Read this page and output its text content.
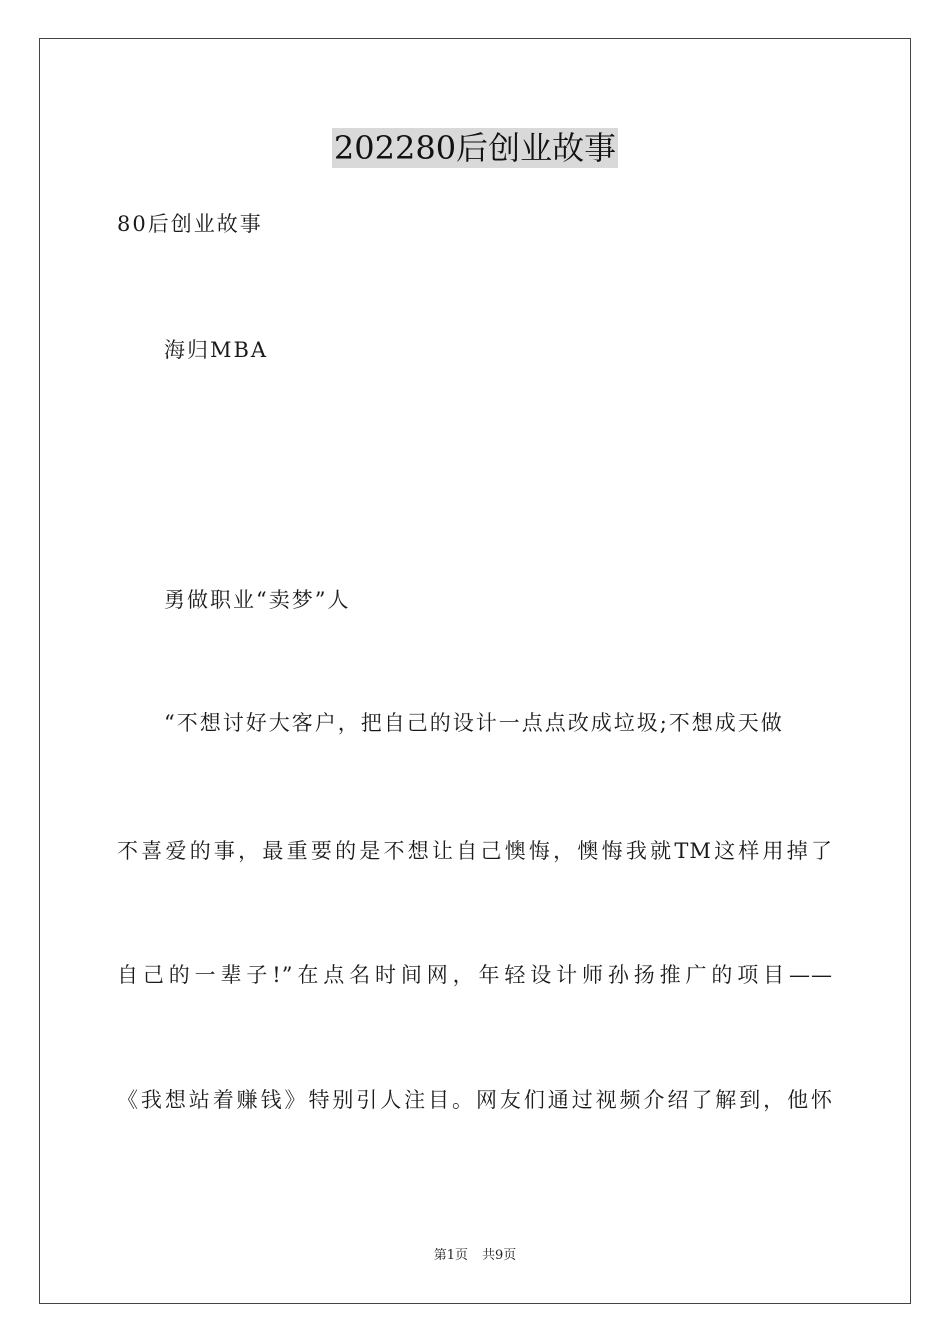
202280后创业故事
80后创业故事
海归MBA
勇做职业“卖梦”人
“不想讨好大客户，把自己的设计一点点改成垃圾;不想成天做
不喜爱的事，最重要的是不想让自己懊悔，懊悔我就TM这样用掉了
自己的一辈子!”在点名时间网，年轻设计师孙扬推广的项目——
《我想站着赚钱》特别引人注目。网友们通过视频介绍了解到，他怀
第1页 共9页
